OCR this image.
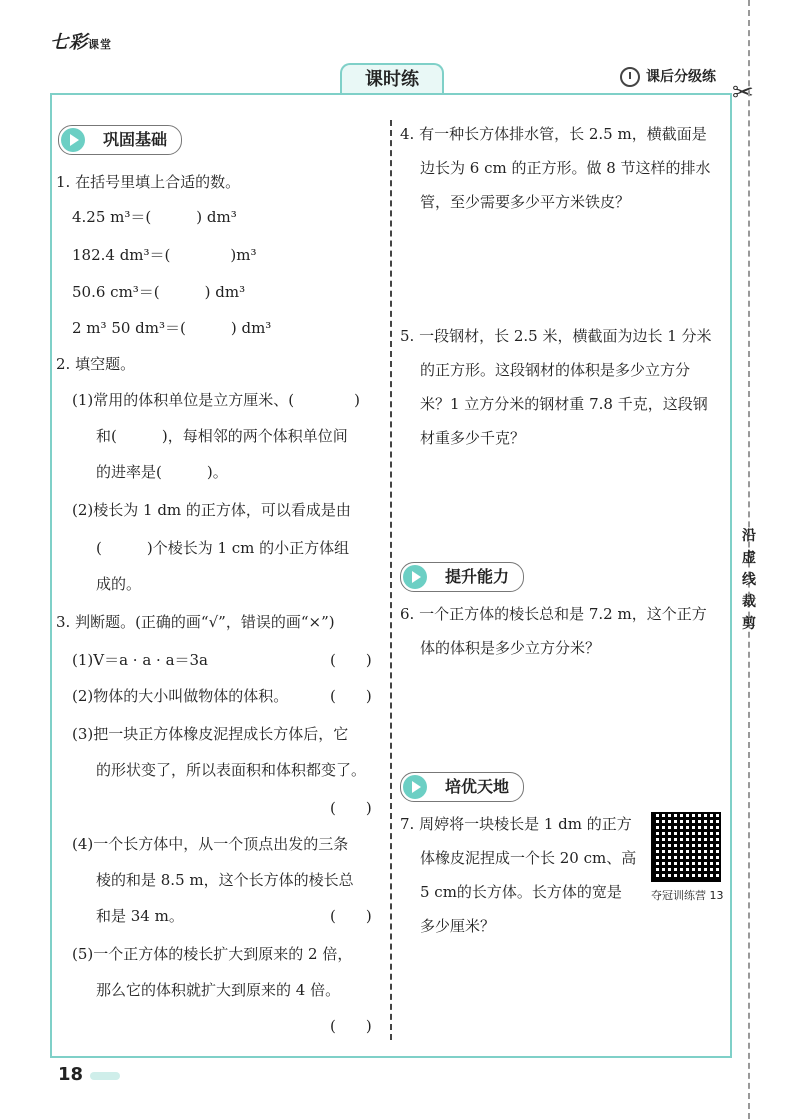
七彩课堂
课时练	课后分级练
✂
沿
虚
线
裁
剪
巩固基础
1. 在括号里填上合适的数。
4.25 m³＝(　　　) dm³
182.4 dm³＝(　　　　)m³
50.6 cm³＝(　　　) dm³
2 m³ 50 dm³＝(　　　) dm³
2. 填空题。
(1)常用的体积单位是立方厘米、(　　　　)
和(　　　)，每相邻的两个体积单位间
的进率是(　　　)。
(2)棱长为 1 dm 的正方体，可以看成是由
(　　　)个棱长为 1 cm 的小正方体组
成的。
3. 判断题。(正确的画“√”，错误的画“×”)
(1)V＝a · a · a＝3a	(　　)
(2)物体的大小叫做物体的体积。	(　　)
(3)把一块正方体橡皮泥捏成长方体后，它
的形状变了，所以表面积和体积都变了。
(　　)
(4)一个长方体中，从一个顶点出发的三条
棱的和是 8.5 m，这个长方体的棱长总
和是 34 m。	(　　)
(5)一个正方体的棱长扩大到原来的 2 倍，
那么它的体积就扩大到原来的 4 倍。
(　　)
4. 有一种长方体排水管，长 2.5 m，横截面是
边长为 6 cm 的正方形。做 8 节这样的排水
管，至少需要多少平方米铁皮？
5. 一段钢材，长 2.5 米，横截面为边长 1 分米
的正方形。这段钢材的体积是多少立方分
米？1 立方分米的钢材重 7.8 千克，这段钢
材重多少千克？
提升能力
6. 一个正方体的棱长总和是 7.2 m，这个正方
体的体积是多少立方分米？
培优天地
7. 周婷将一块棱长是 1 dm 的正方
体橡皮泥捏成一个长 20 cm、高
5 cm的长方体。长方体的宽是
多少厘米？
夺冠训练营 13
18
